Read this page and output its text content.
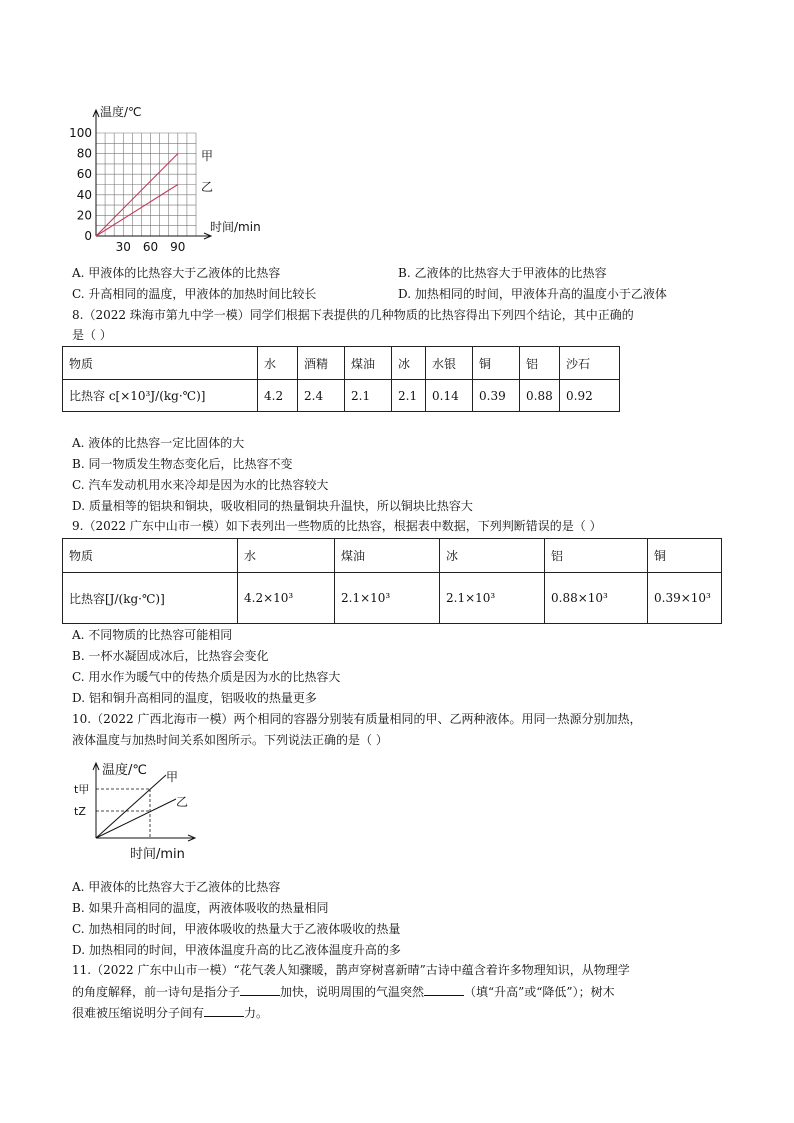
100
80
60
40
20
0
30 60 90
温度/℃
时间/min
甲
乙
A. 甲液体的比热容大于乙液体的比热容	B. 乙液体的比热容大于甲液体的比热容
C. 升高相同的温度，甲液体的加热时间比较长	D. 加热相同的时间，甲液体升高的温度小于乙液体
8.（2022 珠海市第九中学一模）同学们根据下表提供的几种物质的比热容得出下列四个结论，其中正确的
是（ ）
物质	水	酒精	煤油	冰	水银	铜	铝	沙石
比热容 c[×10³J/(kg·℃)]	4.2	2.4	2.1	2.1	0.14	0.39	0.88	0.92
A. 液体的比热容一定比固体的大
B. 同一物质发生物态变化后，比热容不变
C. 汽车发动机用水来冷却是因为水的比热容较大
D. 质量相等的铝块和铜块，吸收相同的热量铜块升温快，所以铜块比热容大
9.（2022 广东中山市一模）如下表列出一些物质的比热容，根据表中数据，下列判断错误的是（ ）
物质	水	煤油	冰	铝	铜
比热容[J/(kg·℃)]	4.2×10³	2.1×10³	2.1×10³	0.88×10³	0.39×10³
A. 不同物质的比热容可能相同
B. 一杯水凝固成冰后，比热容会变化
C. 用水作为暖气中的传热介质是因为水的比热容大
D. 铝和铜升高相同的温度，铝吸收的热量更多
10.（2022 广西北海市一模）两个相同的容器分别装有质量相同的甲、乙两种液体。用同一热源分别加热，
液体温度与加热时间关系如图所示。下列说法正确的是（ ）
温度/℃
时间/min
t甲
tZ
甲
乙
A. 甲液体的比热容大于乙液体的比热容
B. 如果升高相同的温度，两液体吸收的热量相同
C. 加热相同的时间，甲液体吸收的热量大于乙液体吸收的热量
D. 加热相同的时间，甲液体温度升高的比乙液体温度升高的多
11.（2022 广东中山市一模）“花气袭人知骤暖，鹊声穿树喜新晴”古诗中蕴含着许多物理知识，从物理学
的角度解释，前一诗句是指分子	加快，说明周围的气温突然	（填“升高”或“降低”）；树木
很难被压缩说明分子间有	力。
